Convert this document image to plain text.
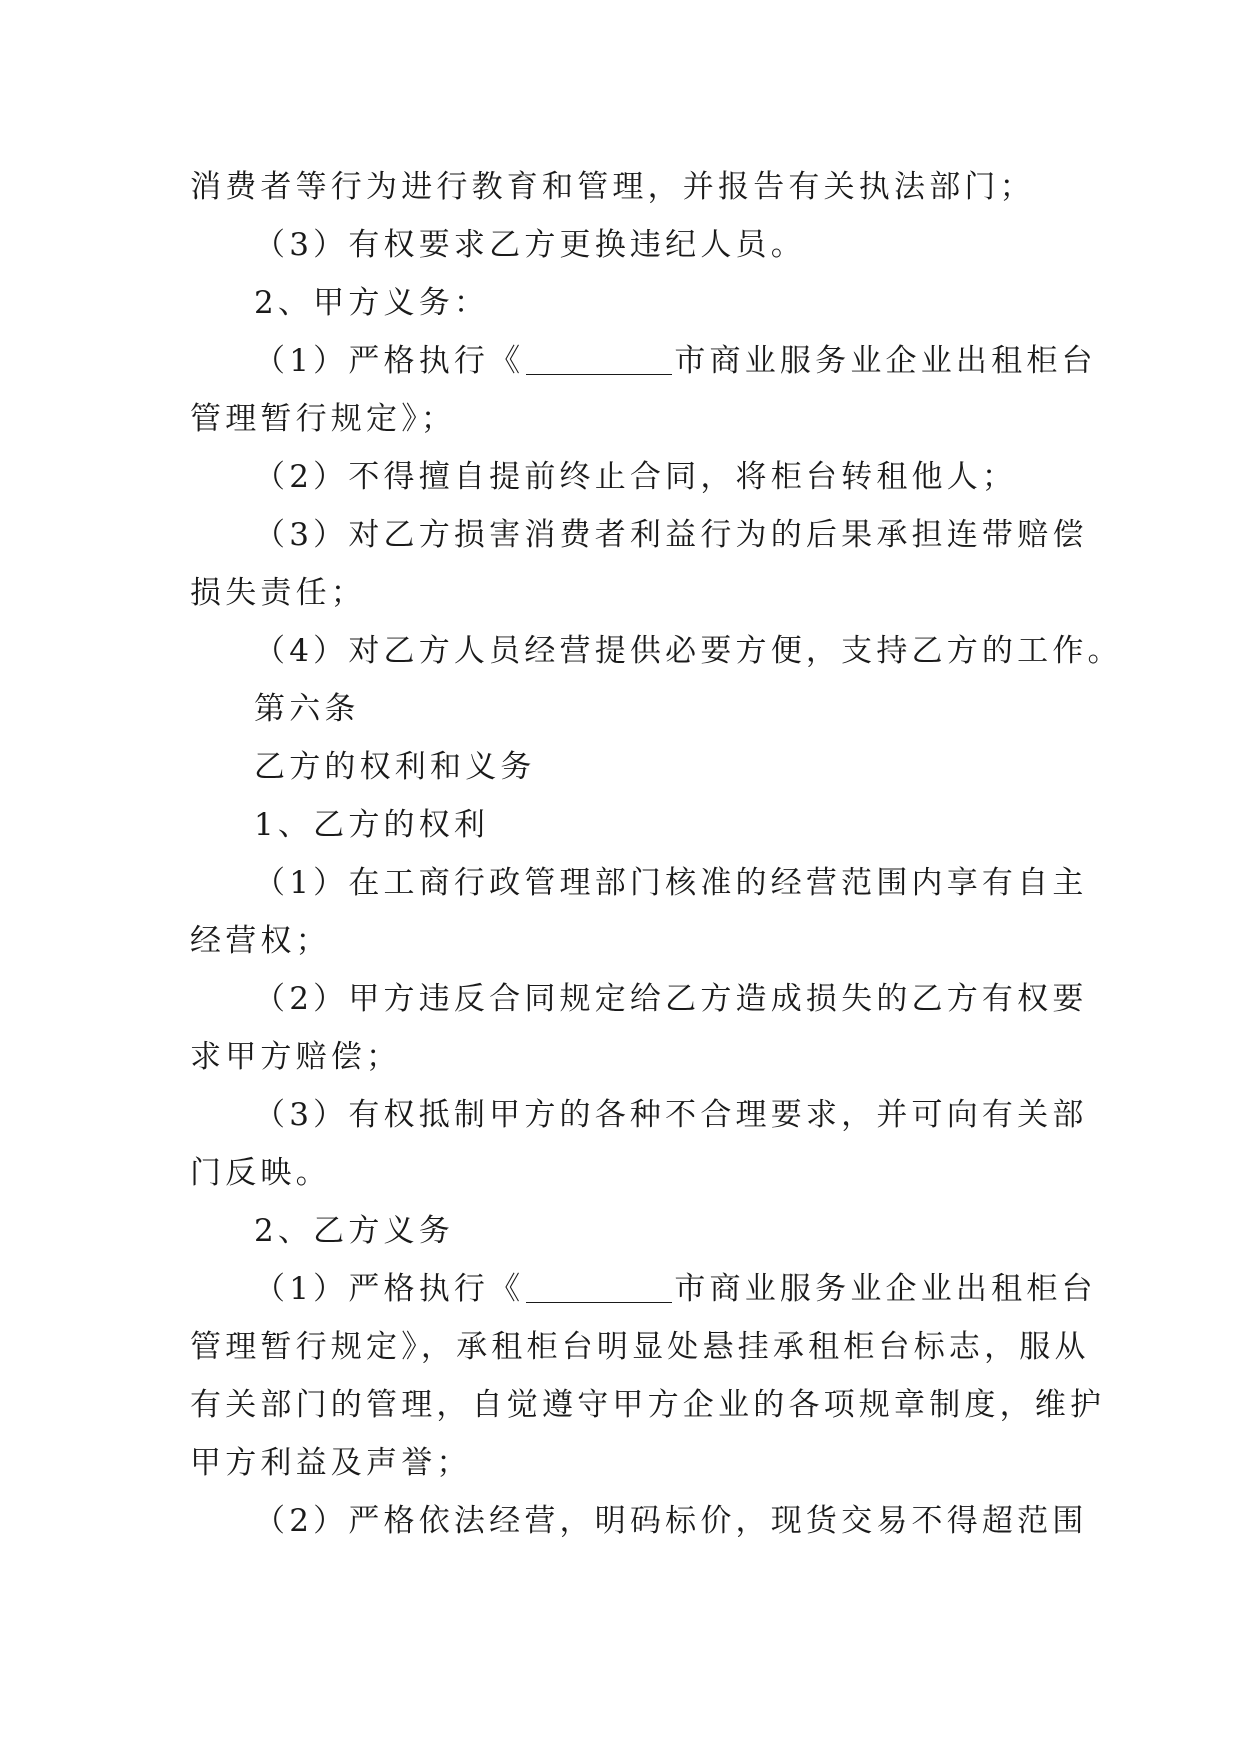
消费者等行为进行教育和管理，并报告有关执法部门；
（3）有权要求乙方更换违纪人员。
2、甲方义务：
（1）严格执行《	市商业服务业企业出租柜台
管理暂行规定》；
（2）不得擅自提前终止合同，将柜台转租他人；
（3）对乙方损害消费者利益行为的后果承担连带赔偿
损失责任；
（4）对乙方人员经营提供必要方便，支持乙方的工作。
第六条
乙方的权利和义务
1、乙方的权利
（1）在工商行政管理部门核准的经营范围内享有自主
经营权；
（2）甲方违反合同规定给乙方造成损失的乙方有权要
求甲方赔偿；
（3）有权抵制甲方的各种不合理要求，并可向有关部
门反映。
2、乙方义务
（1）严格执行《	市商业服务业企业出租柜台
管理暂行规定》，承租柜台明显处悬挂承租柜台标志，服从
有关部门的管理，自觉遵守甲方企业的各项规章制度，维护
甲方利益及声誉；
（2）严格依法经营，明码标价，现货交易不得超范围
